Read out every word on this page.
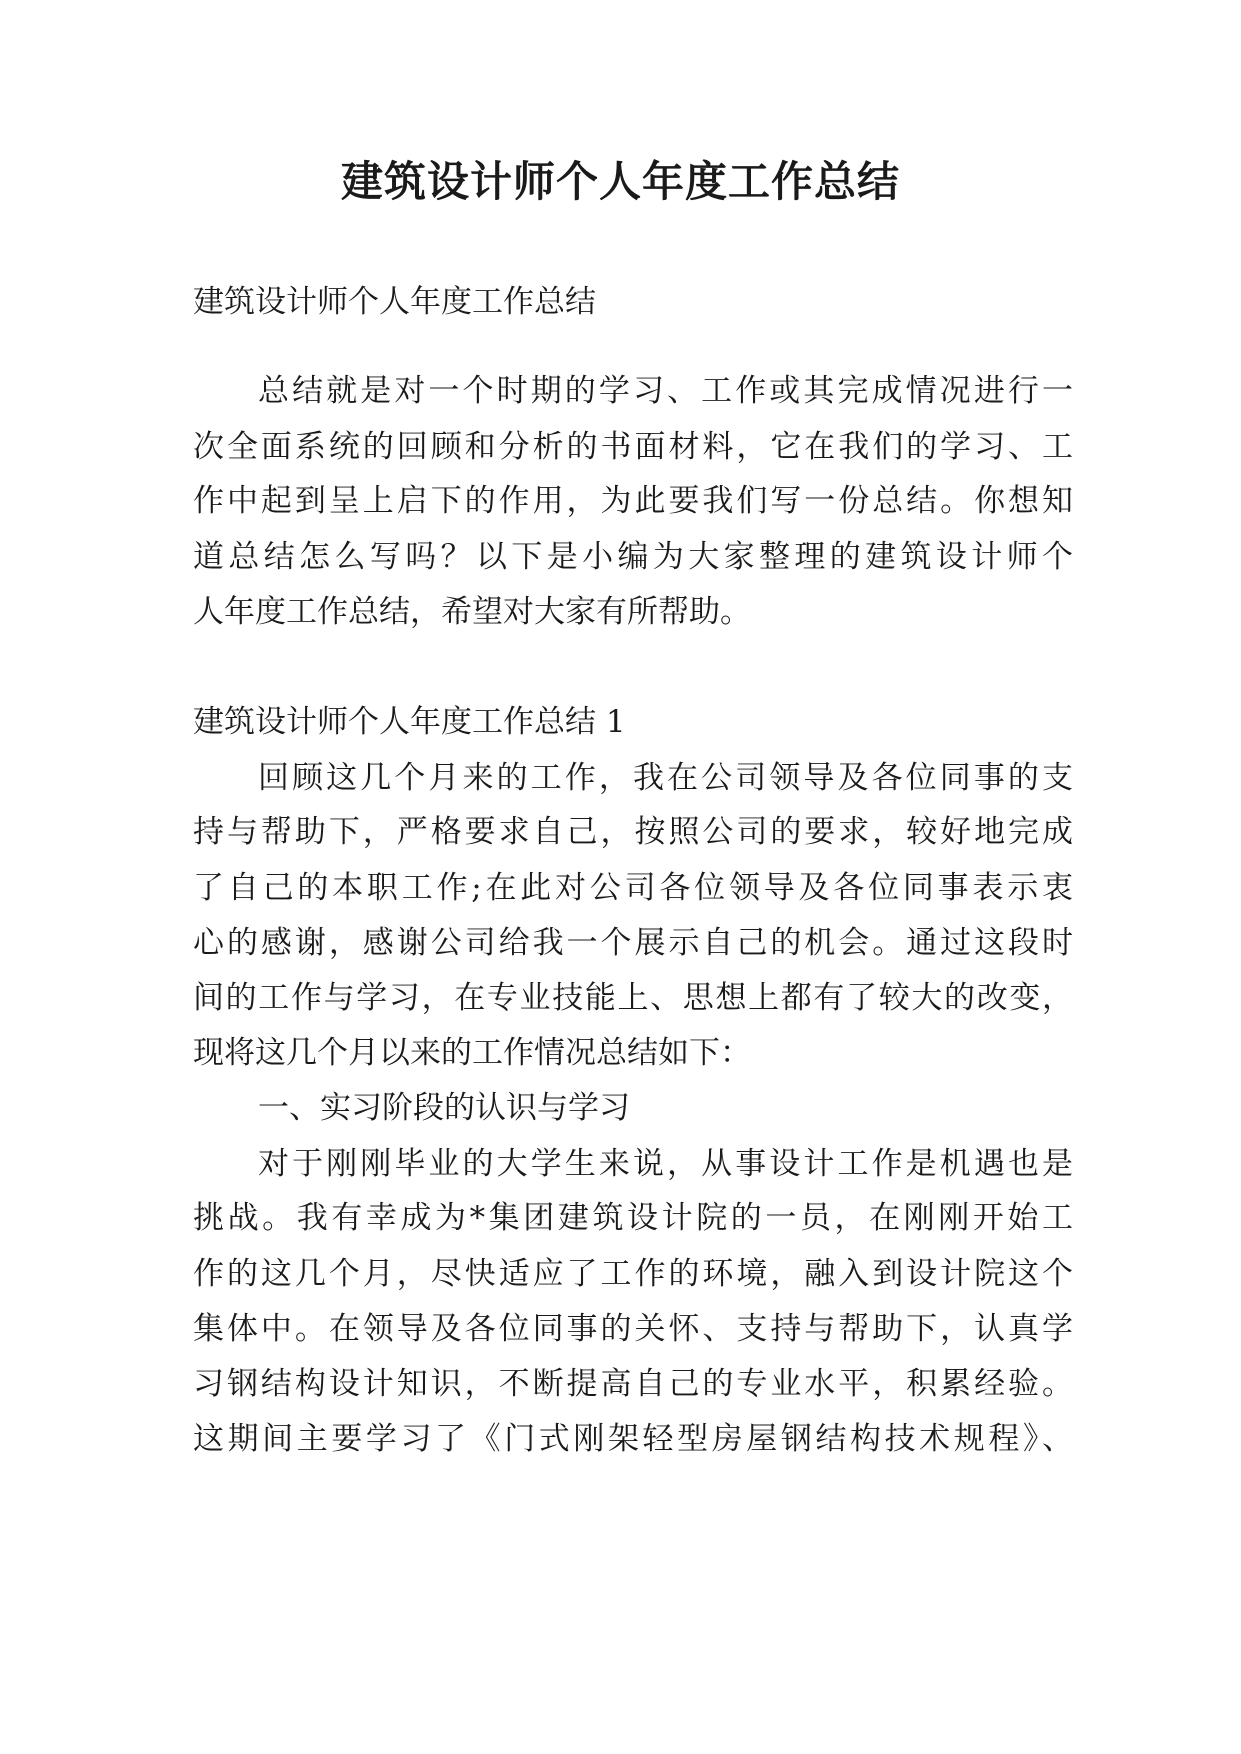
建筑设计师个人年度工作总结

建筑设计师个人年度工作总结

总结就是对一个时期的学习、工作或其完成情况进行一

次全面系统的回顾和分析的书面材料，它在我们的学习、工

作中起到呈上启下的作用，为此要我们写一份总结。你想知

道总结怎么写吗？以下是小编为大家整理的建筑设计师个

人年度工作总结，希望对大家有所帮助。

建筑设计师个人年度工作总结 1

回顾这几个月来的工作，我在公司领导及各位同事的支

持与帮助下，严格要求自己，按照公司的要求，较好地完成

了自己的本职工作;在此对公司各位领导及各位同事表示衷

心的感谢，感谢公司给我一个展示自己的机会。通过这段时

间的工作与学习，在专业技能上、思想上都有了较大的改变，

现将这几个月以来的工作情况总结如下：

一、实习阶段的认识与学习

对于刚刚毕业的大学生来说，从事设计工作是机遇也是

挑战。我有幸成为*集团建筑设计院的一员，在刚刚开始工

作的这几个月，尽快适应了工作的环境，融入到设计院这个

集体中。在领导及各位同事的关怀、支持与帮助下，认真学

习钢结构设计知识，不断提高自己的专业水平，积累经验。

这期间主要学习了《门式刚架轻型房屋钢结构技术规程》、
